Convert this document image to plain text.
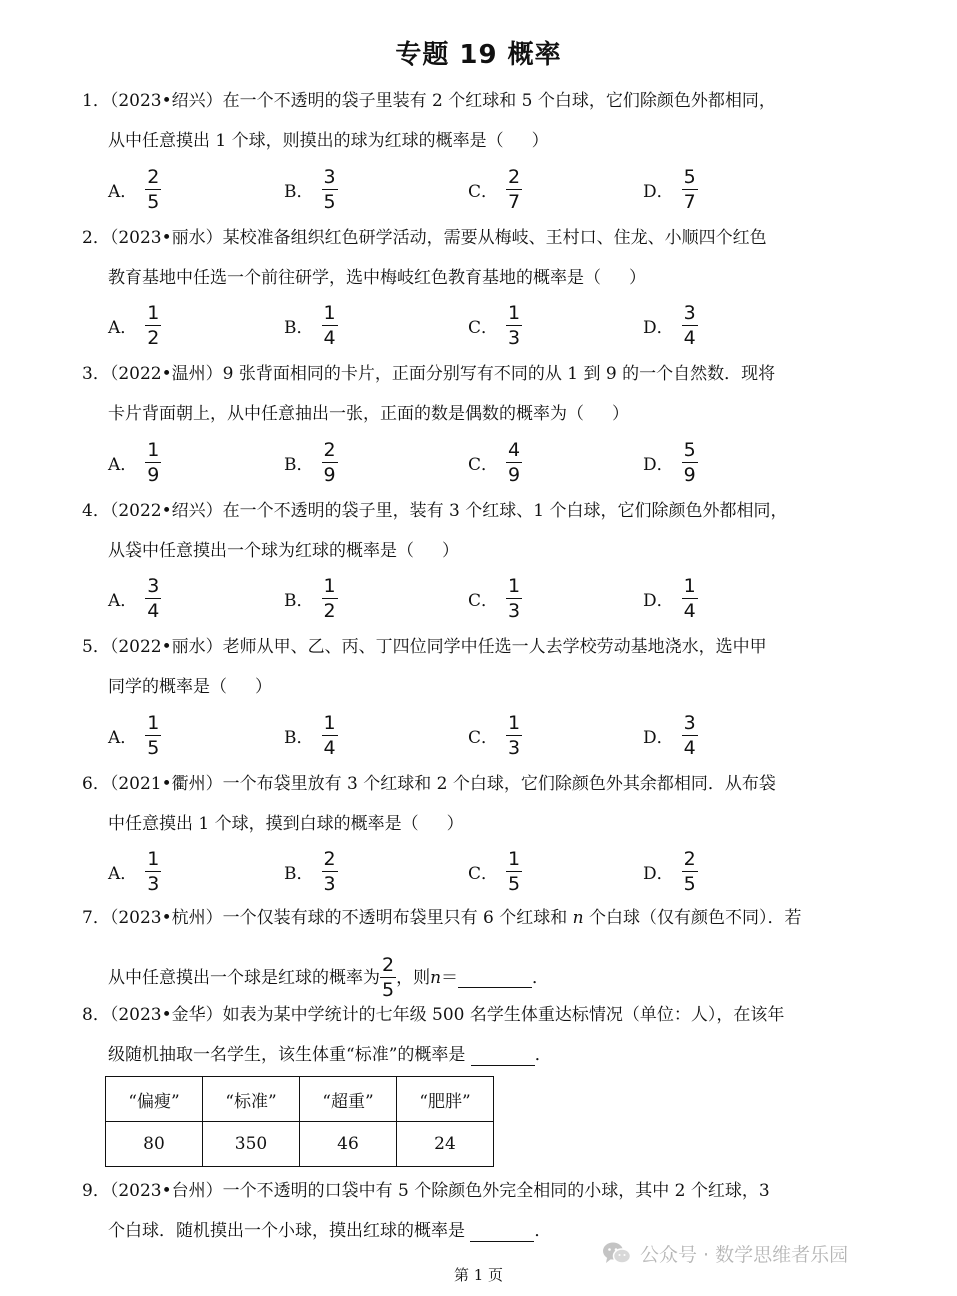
专题 19 概率
1．（2023•绍兴）在一个不透明的袋子里装有 2 个红球和 5 个白球，它们除颜色外都相同，
从中任意摸出 1 个球，则摸出的球为红球的概率是（ ）
A． $\frac{2}{5}$	B． $\frac{3}{5}$	C． $\frac{2}{7}$	D． $\frac{5}{7}$
2．（2023•丽水）某校准备组织红色研学活动，需要从梅岐、王村口、住龙、小顺四个红色
教育基地中任选一个前往研学，选中梅岐红色教育基地的概率是（ ）
A． $\frac{1}{2}$	B． $\frac{1}{4}$	C． $\frac{1}{3}$	D． $\frac{3}{4}$
3．（2022•温州）9 张背面相同的卡片，正面分别写有不同的从 1 到 9 的一个自然数．现将
卡片背面朝上，从中任意抽出一张，正面的数是偶数的概率为（ ）
A． $\frac{1}{9}$	B． $\frac{2}{9}$	C． $\frac{4}{9}$	D． $\frac{5}{9}$
4．（2022•绍兴）在一个不透明的袋子里，装有 3 个红球、1 个白球，它们除颜色外都相同，
从袋中任意摸出一个球为红球的概率是（ ）
A． $\frac{3}{4}$	B． $\frac{1}{2}$	C． $\frac{1}{3}$	D． $\frac{1}{4}$
5．（2022•丽水）老师从甲、乙、丙、丁四位同学中任选一人去学校劳动基地浇水，选中甲
同学的概率是（ ）
A． $\frac{1}{5}$	B． $\frac{1}{4}$	C． $\frac{1}{3}$	D． $\frac{3}{4}$
6．（2021•衢州）一个布袋里放有 3 个红球和 2 个白球，它们除颜色外其余都相同．从布袋
中任意摸出 1 个球，摸到白球的概率是（ ）
A． $\frac{1}{3}$	B． $\frac{2}{3}$	C． $\frac{1}{5}$	D． $\frac{2}{5}$
7．（2023•杭州）一个仅装有球的不透明布袋里只有 6 个红球和 n 个白球（仅有颜色不同）．若
从中任意摸出一个球是红球的概率为 $\frac{2}{5}$ ，则 n ＝	．
8．（2023•金华）如表为某中学统计的七年级 500 名学生体重达标情况（单位：人），在该年
级随机抽取一名学生，该生体重“标准”的概率是	．
“偏瘦”	“标准”	“超重”	“肥胖”
80	350	46	24
9．（2023•台州）一个不透明的口袋中有 5 个除颜色外完全相同的小球，其中 2 个红球，3
个白球．随机摸出一个小球，摸出红球的概率是	．
公众号 · 数学思维者乐园
第 1 页
